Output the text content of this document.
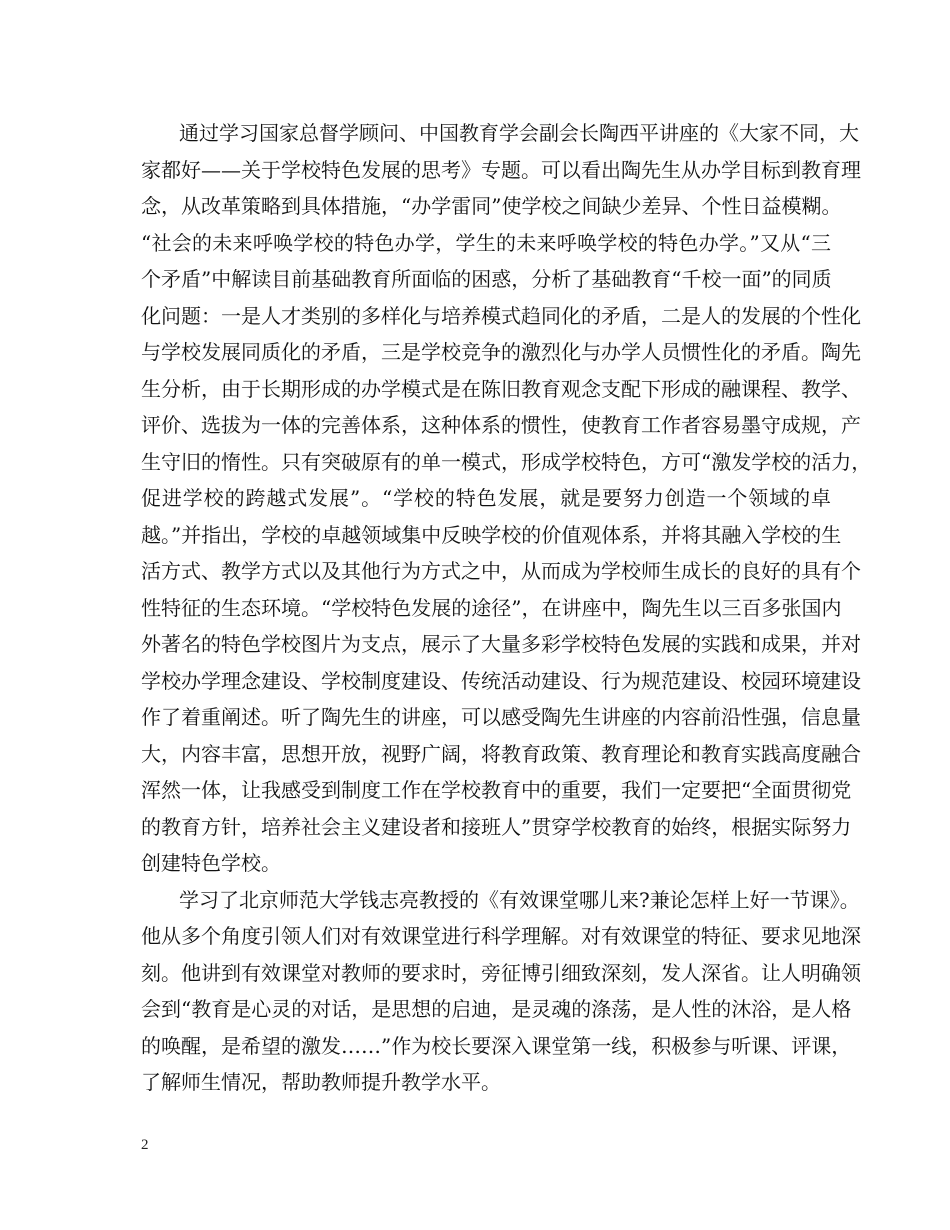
通过学习国家总督学顾问、中国教育学会副会长陶西平讲座的《大家不同，大
家都好——关于学校特色发展的思考》专题。可以看出陶先生从办学目标到教育理
念，从改革策略到具体措施，“办学雷同”使学校之间缺少差异、个性日益模糊。
“社会的未来呼唤学校的特色办学，学生的未来呼唤学校的特色办学。”又从“三
个矛盾”中解读目前基础教育所面临的困惑，分析了基础教育“千校一面”的同质
化问题：一是人才类别的多样化与培养模式趋同化的矛盾，二是人的发展的个性化
与学校发展同质化的矛盾，三是学校竞争的激烈化与办学人员惯性化的矛盾。陶先
生分析，由于长期形成的办学模式是在陈旧教育观念支配下形成的融课程、教学、
评价、选拔为一体的完善体系，这种体系的惯性，使教育工作者容易墨守成规，产
生守旧的惰性。只有突破原有的单一模式，形成学校特色，方可“激发学校的活力，
促进学校的跨越式发展”。“学校的特色发展，就是要努力创造一个领域的卓
越。”并指出，学校的卓越领域集中反映学校的价值观体系，并将其融入学校的生
活方式、教学方式以及其他行为方式之中，从而成为学校师生成长的良好的具有个
性特征的生态环境。“学校特色发展的途径”，在讲座中，陶先生以三百多张国内
外著名的特色学校图片为支点，展示了大量多彩学校特色发展的实践和成果，并对
学校办学理念建设、学校制度建设、传统活动建设、行为规范建设、校园环境建设
作了着重阐述。听了陶先生的讲座，可以感受陶先生讲座的内容前沿性强，信息量
大，内容丰富，思想开放，视野广阔，将教育政策、教育理论和教育实践高度融合
浑然一体，让我感受到制度工作在学校教育中的重要，我们一定要把“全面贯彻党
的教育方针，培养社会主义建设者和接班人”贯穿学校教育的始终，根据实际努力
创建特色学校。

学习了北京师范大学钱志亮教授的《有效课堂哪儿来?兼论怎样上好一节课》。
他从多个角度引领人们对有效课堂进行科学理解。对有效课堂的特征、要求见地深
刻。他讲到有效课堂对教师的要求时，旁征博引细致深刻，发人深省。让人明确领
会到“教育是心灵的对话，是思想的启迪，是灵魂的涤荡，是人性的沐浴，是人格
的唤醒，是希望的激发……”作为校长要深入课堂第一线，积极参与听课、评课，
了解师生情况，帮助教师提升教学水平。

2
